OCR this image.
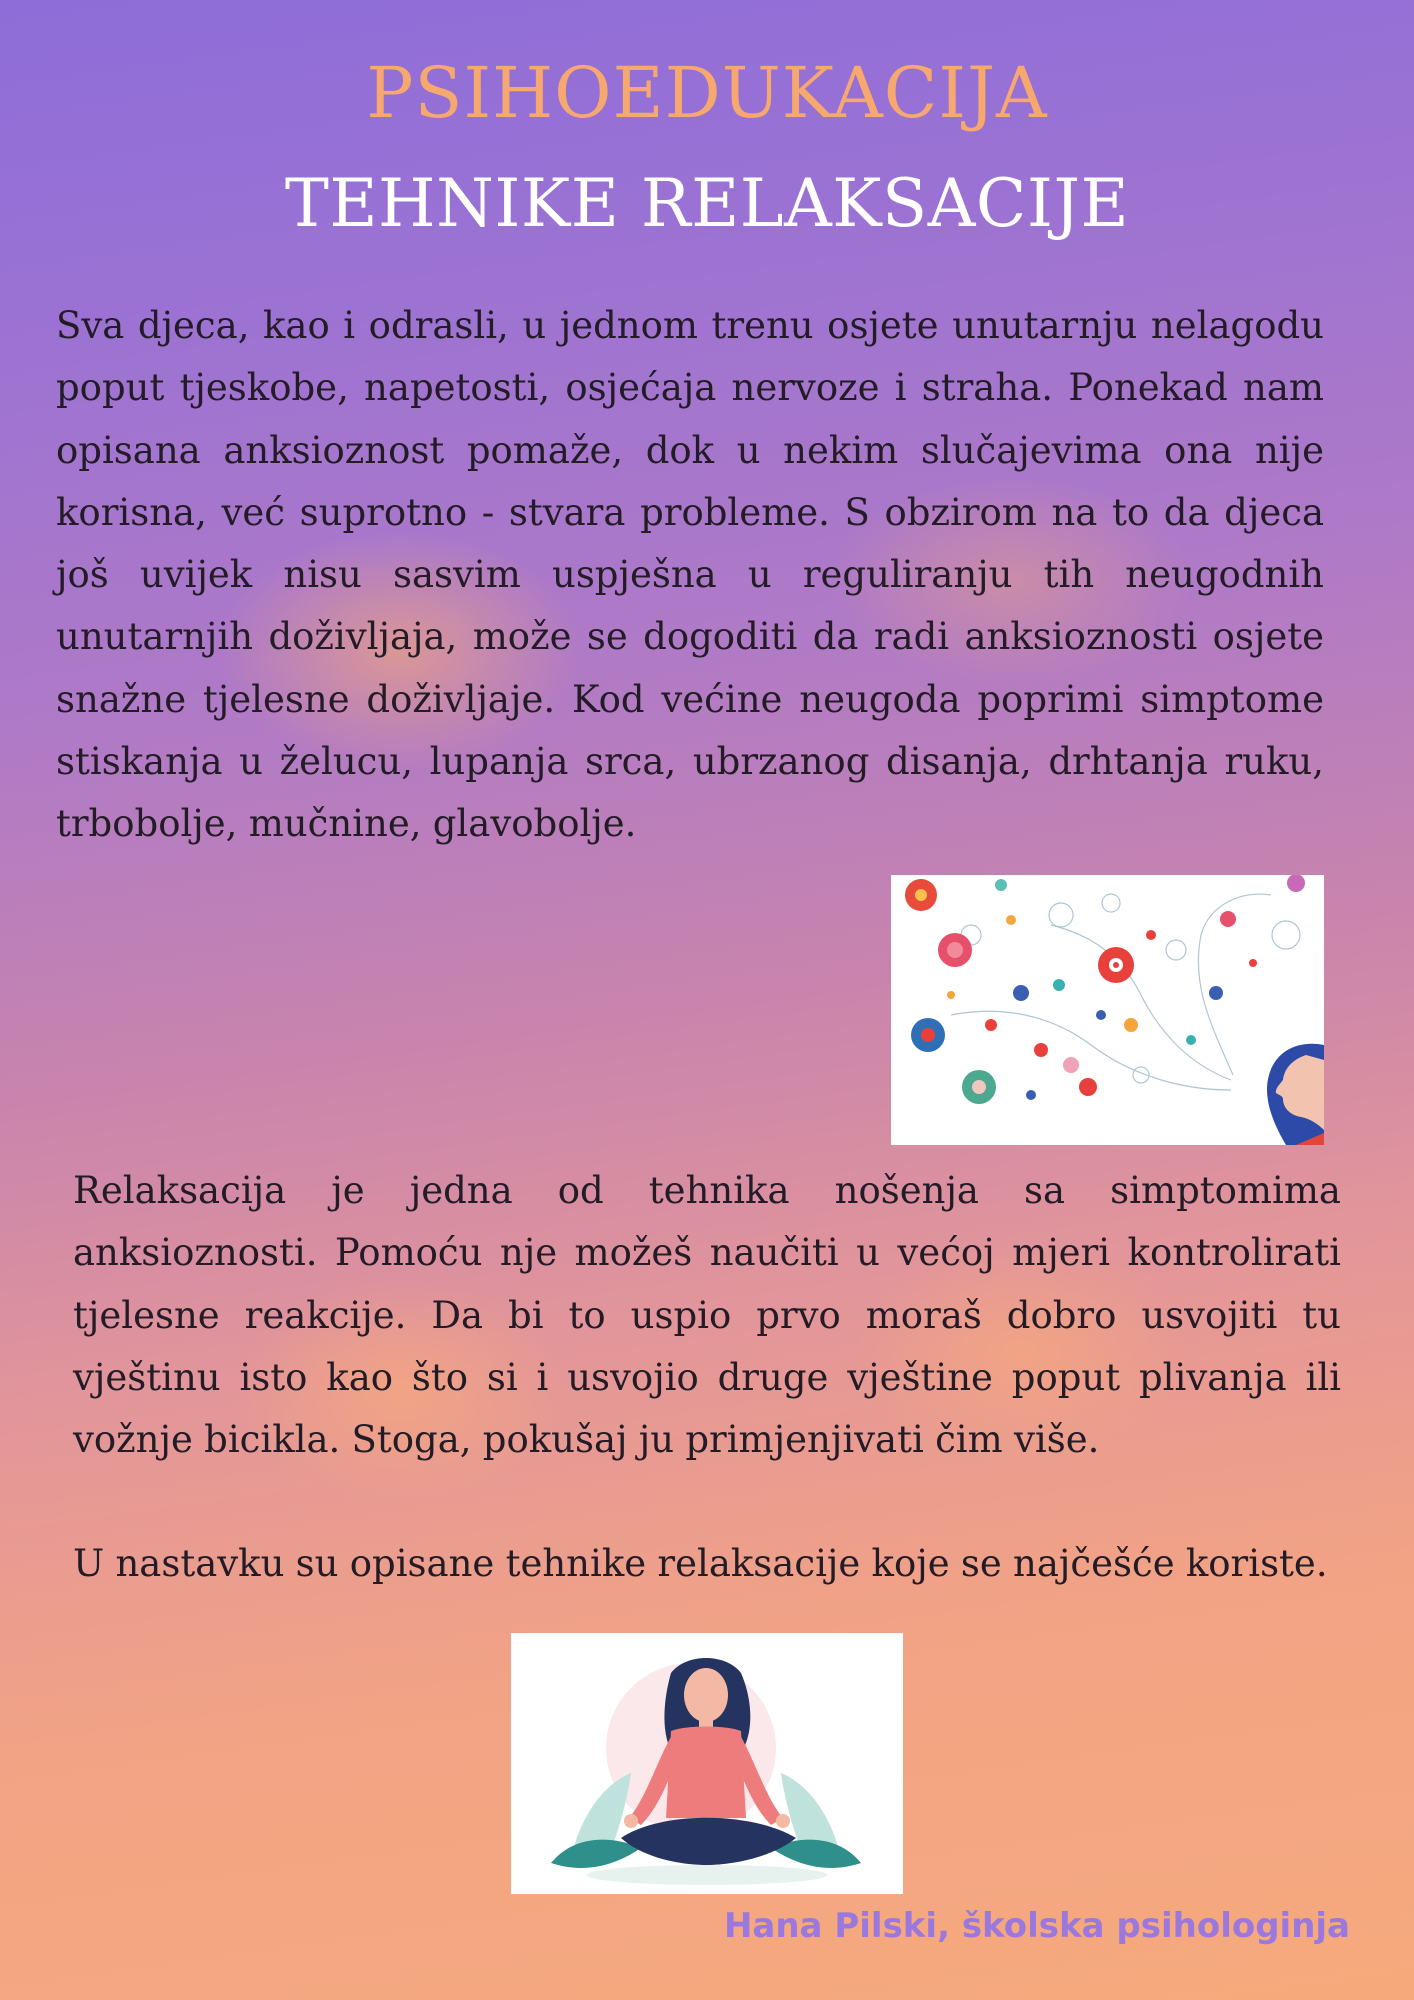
PSIHOEDUKACIJA
TEHNIKE RELAKSACIJE

Sva djeca, kao i odrasli, u jednom trenu osjete unutarnju nelagodu poput tjeskobe, napetosti, osjećaja nervoze i straha. Ponekad nam opisana anksioznost pomaže, dok u nekim slučajevima ona nije korisna, već suprotno - stvara probleme. S obzirom na to da djeca još uvijek nisu sasvim uspješna u reguliranju tih neugodnih unutarnjih doživljaja, može se dogoditi da radi anksioznosti osjete snažne tjelesne doživljaje. Kod većine neugoda poprimi simptome stiskanja u želucu, lupanja srca, ubrzanog disanja, drhtanja ruku, trbobolje, mučnine, glavobolje.

Relaksacija je jedna od tehnika nošenja sa simptomima anksioznosti. Pomoću nje možeš naučiti u većoj mjeri kontrolirati tjelesne reakcije. Da bi to uspio prvo moraš dobro usvojiti tu vještinu isto kao što si i usvojio druge vještine poput plivanja ili vožnje bicikla. Stoga, pokušaj ju primjenjivati čim više.

U nastavku su opisane tehnike relaksacije koje se najčešće koriste.

Hana Pilski, školska psihologinja
